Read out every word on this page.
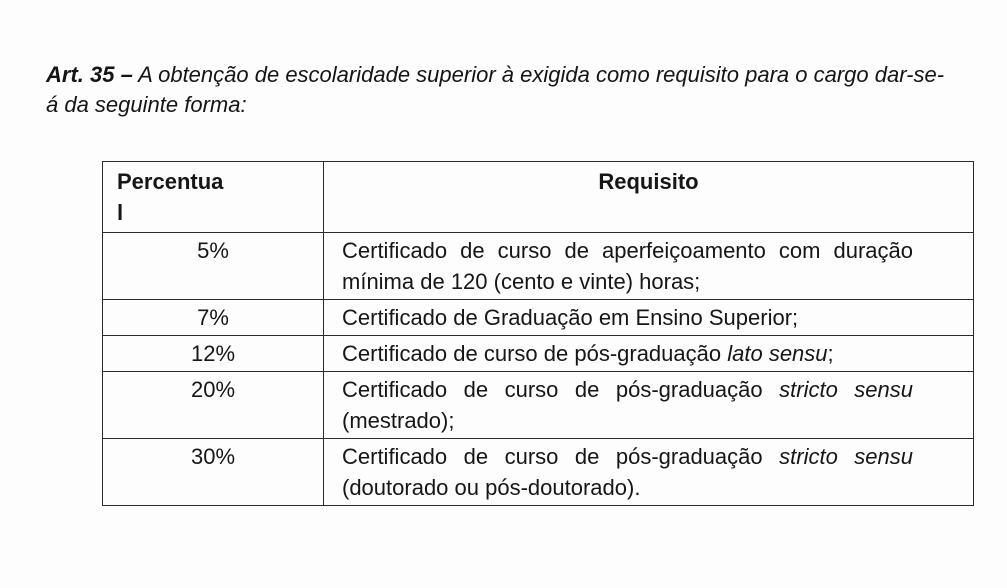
Art. 35 – A obtenção de escolaridade superior à exigida como requisito para o cargo dar-se-á da seguinte forma:
Percentua
l	Requisito

5%	Certificado de curso de aperfeiçoamento com duração mínima de 120 (cento e vinte) horas;

7%	Certificado de Graduação em Ensino Superior;

12%	Certificado de curso de pós-graduação lato sensu;

20%	Certificado de curso de pós-graduação stricto sensu (mestrado);

30%	Certificado de curso de pós-graduação stricto sensu (doutorado ou pós-doutorado).
